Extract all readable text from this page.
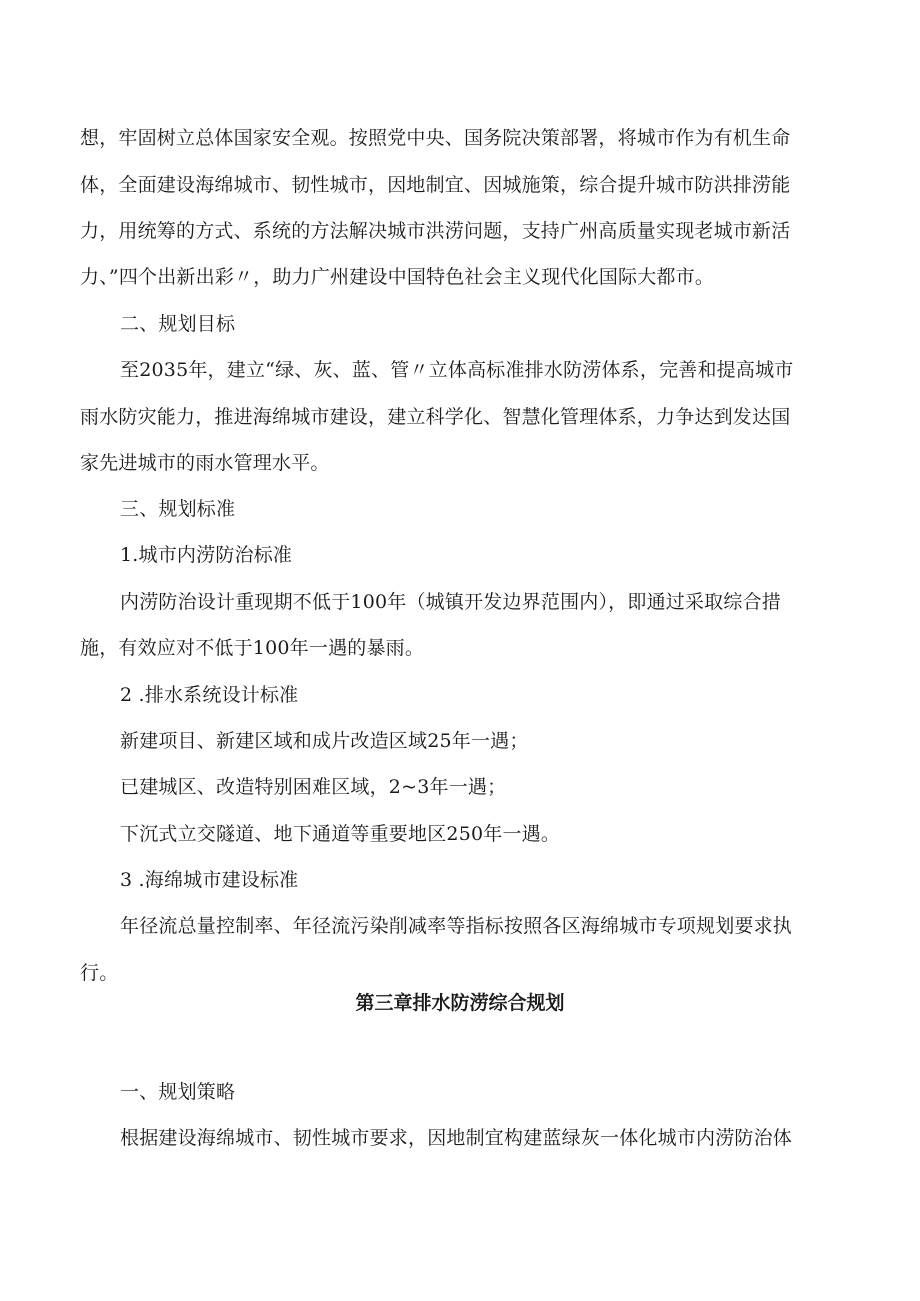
想，牢固树立总体国家安全观。按照党中央、国务院决策部署，将城市作为有机生命
体，全面建设海绵城市、韧性城市，因地制宜、因城施策，综合提升城市防洪排涝能
力，用统筹的方式、系统的方法解决城市洪涝问题，支持广州高质量实现老城市新活
力、”四个出新出彩〃，助力广州建设中国特色社会主义现代化国际大都市。
二、规划目标
至2035年，建立“绿、灰、蓝、管〃立体高标准排水防涝体系，完善和提高城市
雨水防灾能力，推进海绵城市建设，建立科学化、智慧化管理体系，力争达到发达国
家先进城市的雨水管理水平。
三、规划标准
1.城市内涝防治标准
内涝防治设计重现期不低于100年（城镇开发边界范围内），即通过采取综合措
施，有效应对不低于100年一遇的暴雨。
2 .排水系统设计标准
新建项目、新建区域和成片改造区域25年一遇；
已建城区、改造特别困难区域，2~3年一遇；
下沉式立交隧道、地下通道等重要地区250年一遇。
3 .海绵城市建设标准
年径流总量控制率、年径流污染削减率等指标按照各区海绵城市专项规划要求执
行。
第三章排水防涝综合规划
一、规划策略
根据建设海绵城市、韧性城市要求，因地制宜构建蓝绿灰一体化城市内涝防治体
